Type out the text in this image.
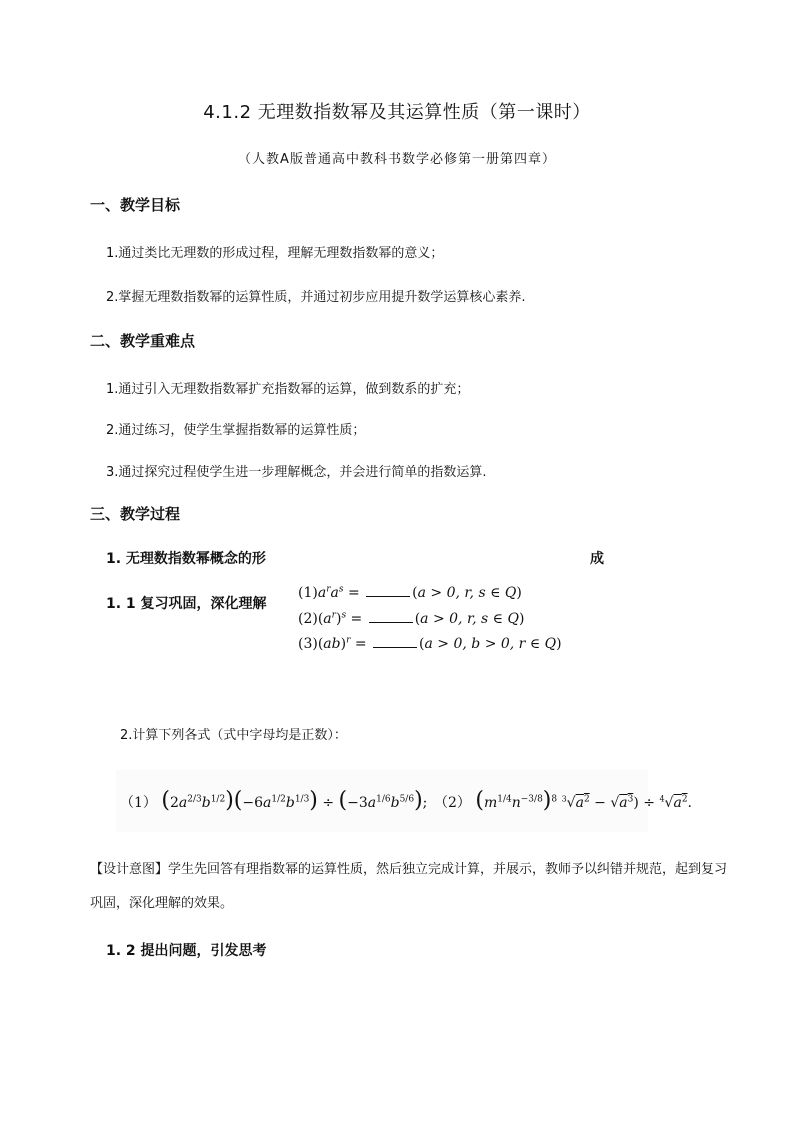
4.1.2 无理数指数幂及其运算性质（第一课时）
（人教A版普通高中教科书数学必修第一册第四章）
一、教学目标
1.通过类比无理数的形成过程，理解无理数指数幂的意义；
2.掌握无理数指数幂的运算性质，并通过初步应用提升数学运算核心素养.
二、教学重难点
1.通过引入无理数指数幂扩充指数幂的运算，做到数系的扩充；
2.通过练习，使学生掌握指数幂的运算性质；
3.通过探究过程使学生进一步理解概念，并会进行简单的指数运算.
三、教学过程
1. 无理数指数幂概念的形	成
1. 1 复习巩固，深化理解
$(1)a^ra^s$ =	(a > 0, r, s ∈ Q)
$(2)(a^r)^s$ =	(a > 0, r, s ∈ Q)
(3)(ab)$^r$ =	(a > 0, b > 0, r ∈ Q)
2.计算下列各式（式中字母均是正数）：
（1） $(2a^{2/3}b^{1/2})(-6a^{1/2}b^{1/3}) \div (-3a^{1/6}b^{5/6})$; （2） $(m^{1/4}n^{-3/8})^8$ $^3√a^2 - √a^3) \div ^4√a^2$.
【设计意图】学生先回答有理指数幂的运算性质，然后独立完成计算，并展示，教师予以纠错并规范，起到复习巩固，深化理解的效果。
1. 2 提出问题，引发思考
